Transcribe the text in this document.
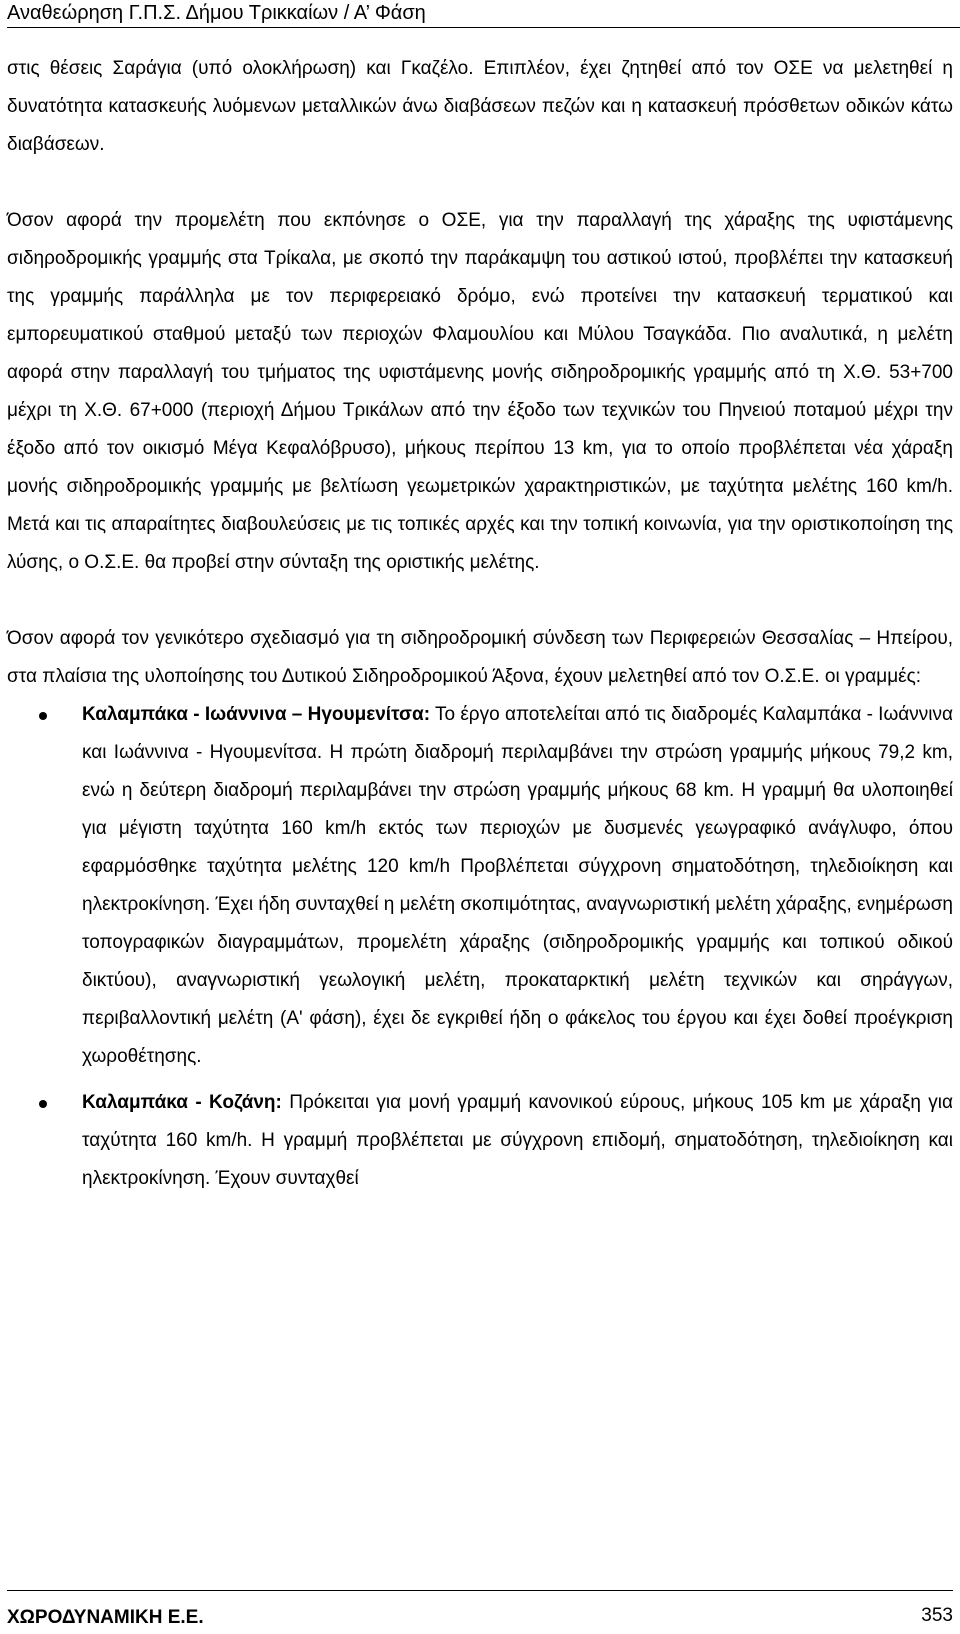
Αναθεώρηση Γ.Π.Σ. Δήμου Τρικκαίων / Α’ Φάση

στις θέσεις Σαράγια (υπό ολοκλήρωση) και Γκαζέλο. Επιπλέον, έχει ζητηθεί από τον ΟΣΕ να μελετηθεί η δυνατότητα κατασκευής λυόμενων μεταλλικών άνω διαβάσεων πεζών και η κατασκευή πρόσθετων οδικών κάτω διαβάσεων.

Όσον αφορά την προμελέτη που εκπόνησε ο ΟΣΕ, για την παραλλαγή της χάραξης της υφιστάμενης σιδηροδρομικής γραμμής στα Τρίκαλα, με σκοπό την παράκαμψη του αστικού ιστού, προβλέπει την κατασκευή της γραμμής παράλληλα με τον περιφερειακό δρόμο, ενώ προτείνει την κατασκευή τερματικού και εμπορευματικού σταθμού μεταξύ των περιοχών Φλαμουλίου και Μύλου Τσαγκάδα. Πιο αναλυτικά, η μελέτη αφορά στην παραλλαγή του τμήματος της υφιστάμενης μονής σιδηροδρομικής γραμμής από τη Χ.Θ. 53+700 μέχρι τη Χ.Θ. 67+000 (περιοχή Δήμου Τρικάλων από την έξοδο των τεχνικών του Πηνειού ποταμού μέχρι την έξοδο από τον οικισμό Μέγα Κεφαλόβρυσο), μήκους περίπου 13 km, για το οποίο προβλέπεται νέα χάραξη μονής σιδηροδρομικής γραμμής με βελτίωση γεωμετρικών χαρακτηριστικών, με ταχύτητα μελέτης 160 km/h. Μετά και τις απαραίτητες διαβουλεύσεις με τις τοπικές αρχές και την τοπική κοινωνία, για την οριστικοποίηση της λύσης, ο Ο.Σ.Ε. θα προβεί στην σύνταξη της οριστικής μελέτης.

Όσον αφορά τον γενικότερο σχεδιασμό για τη σιδηροδρομική σύνδεση των Περιφερειών Θεσσαλίας – Ηπείρου, στα πλαίσια της υλοποίησης του Δυτικού Σιδηροδρομικού Άξονα, έχουν μελετηθεί από τον Ο.Σ.Ε. οι γραμμές:

Καλαμπάκα - Ιωάννινα – Ηγουμενίτσα: Το έργο αποτελείται από τις διαδρομές Καλαμπάκα - Ιωάννινα και Ιωάννινα - Ηγουμενίτσα. Η πρώτη διαδρομή περιλαμβάνει την στρώση γραμμής μήκους 79,2 km, ενώ η δεύτερη διαδρομή περιλαμβάνει την στρώση γραμμής μήκους 68 km. Η γραμμή θα υλοποιηθεί για μέγιστη ταχύτητα 160 km/h εκτός των περιοχών με δυσμενές γεωγραφικό ανάγλυφο, όπου εφαρμόσθηκε ταχύτητα μελέτης 120 km/h Προβλέπεται σύγχρονη σηματοδότηση, τηλεδιοίκηση και ηλεκτροκίνηση. Έχει ήδη συνταχθεί η μελέτη σκοπιμότητας, αναγνωριστική μελέτη χάραξης, ενημέρωση τοπογραφικών διαγραμμάτων, προμελέτη χάραξης (σιδηροδρομικής γραμμής και τοπικού οδικού δικτύου), αναγνωριστική γεωλογική μελέτη, προκαταρκτική μελέτη τεχνικών και σηράγγων, περιβαλλοντική μελέτη (Α' φάση), έχει δε εγκριθεί ήδη ο φάκελος του έργου και έχει δοθεί προέγκριση χωροθέτησης.
Καλαμπάκα - Κοζάνη: Πρόκειται για μονή γραμμή κανονικού εύρους, μήκους 105 km με χάραξη για ταχύτητα 160 km/h. Η γραμμή προβλέπεται με σύγχρονη επιδομή, σηματοδότηση, τηλεδιοίκηση και ηλεκτροκίνηση. Έχουν συνταχθεί
ΧΩΡΟΔΥΝΑΜΙΚΗ Ε.Ε.	353
